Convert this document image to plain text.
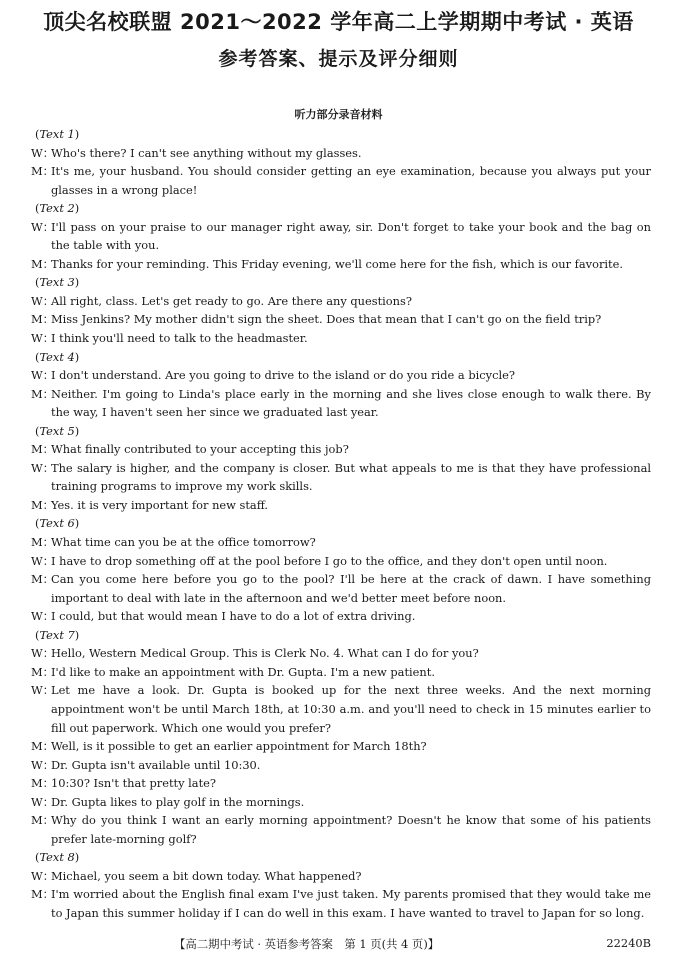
顶尖名校联盟 2021～2022 学年高二上学期期中考试 · 英语
参考答案、提示及评分细则
听力部分录音材料
(Text 1)
W：
Who's there? I can't see anything without my glasses.
M：
It's me, your husband. You should consider getting an eye examination, because you always put your glasses in a wrong place!
(Text 2)
W：
I'll pass on your praise to our manager right away, sir. Don't forget to take your book and the bag on the table with you.
M：
Thanks for your reminding. This Friday evening, we'll come here for the fish, which is our favorite.
(Text 3)
W：
All right, class. Let's get ready to go. Are there any questions?
M：
Miss Jenkins? My mother didn't sign the sheet. Does that mean that I can't go on the field trip?
W：
I think you'll need to talk to the headmaster.
(Text 4)
W：
I don't understand. Are you going to drive to the island or do you ride a bicycle?
M：
Neither. I'm going to Linda's place early in the morning and she lives close enough to walk there. By the way, I haven't seen her since we graduated last year.
(Text 5)
M：
What finally contributed to your accepting this job?
W：
The salary is higher, and the company is closer. But what appeals to me is that they have professional training programs to improve my work skills.
M：
Yes. it is very important for new staff.
(Text 6)
M：
What time can you be at the office tomorrow?
W：
I have to drop something off at the pool before I go to the office, and they don't open until noon.
M：
Can you come here before you go to the pool? I'll be here at the crack of dawn. I have something important to deal with late in the afternoon and we'd better meet before noon.
W：
I could, but that would mean I have to do a lot of extra driving.
(Text 7)
W：
Hello, Western Medical Group. This is Clerk No. 4. What can I do for you?
M：
I'd like to make an appointment with Dr. Gupta. I'm a new patient.
W：
Let me have a look. Dr. Gupta is booked up for the next three weeks. And the next morning appointment won't be until March 18th, at 10:30 a.m. and you'll need to check in 15 minutes earlier to fill out paperwork. Which one would you prefer?
M：
Well, is it possible to get an earlier appointment for March 18th?
W：
Dr. Gupta isn't available until 10:30.
M：
10:30? Isn't that pretty late?
W：
Dr. Gupta likes to play golf in the mornings.
M：
Why do you think I want an early morning appointment? Doesn't he know that some of his patients prefer late-morning golf?
(Text 8)
W：
Michael, you seem a bit down today. What happened?
M：
I'm worried about the English final exam I've just taken. My parents promised that they would take me to Japan this summer holiday if I can do well in this exam. I have wanted to travel to Japan for so long.
【高二期中考试 · 英语参考答案　第 1 页(共 4 页)】	22240B
